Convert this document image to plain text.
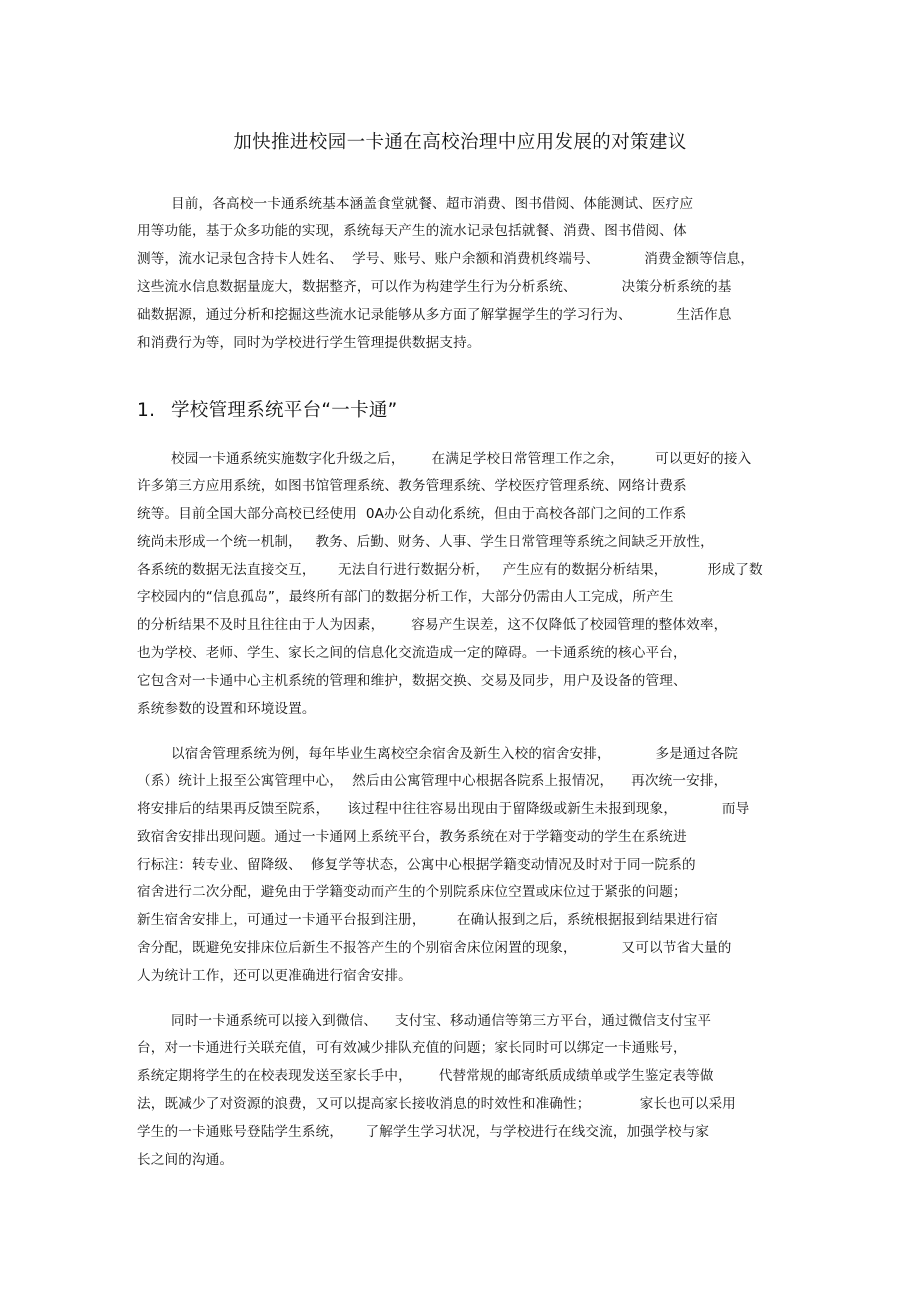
加快推进校园一卡通在高校治理中应用发展的对策建议
目前，各高校一卡通系统基本涵盖食堂就餐、超市消费、图书借阅、体能测试、医疗应
用等功能，基于众多功能的实现，系统每天产生的流水记录包括就餐、消费、图书借阅、体
测等，流水记录包含持卡人姓名、  学号、账号、账户余额和消费机终端号、          消费金额等信息，
这些流水信息数据量庞大，数据整齐，可以作为构建学生行为分析系统、          决策分析系统的基
础数据源，通过分析和挖掘这些流水记录能够从多方面了解掌握学生的学习行为、          生活作息
和消费行为等，同时为学校进行学生管理提供数据支持。
1. 学校管理系统平台“一卡通”
校园一卡通系统实施数字化升级之后，      在满足学校日常管理工作之余，       可以更好的接入
许多第三方应用系统，如图书馆管理系统、教务管理系统、学校医疗管理系统、网络计费系
统等。目前全国大部分高校已经使用  0A办公自动化系统，但由于高校各部门之间的工作系
统尚未形成一个统一机制，   教务、后勤、财务、人事、学生日常管理等系统之间缺乏开放性，
各系统的数据无法直接交互，     无法自行进行数据分析，   产生应有的数据分析结果，         形成了数
字校园内的“信息孤岛”，最终所有部门的数据分析工作，大部分仍需由人工完成，所产生
的分析结果不及时且往往由于人为因素，      容易产生误差，这不仅降低了校园管理的整体效率，
也为学校、老师、学生、家长之间的信息化交流造成一定的障碍。一卡通系统的核心平台，
它包含对一卡通中心主机系统的管理和维护，数据交换、交易及同步，用户及设备的管理、
系统参数的设置和环境设置。
以宿舍管理系统为例，每年毕业生离校空余宿舍及新生入校的宿舍安排，          多是通过各院
（系）统计上报至公寓管理中心，  然后由公寓管理中心根据各院系上报情况，    再次统一安排，
将安排后的结果再反馈至院系，    该过程中往往容易出现由于留降级或新生未报到现象，          而导
致宿舍安排出现问题。通过一卡通网上系统平台，教务系统在对于学籍变动的学生在系统进
行标注：转专业、留降级、  修复学等状态，公寓中心根据学籍变动情况及时对于同一院系的
宿舍进行二次分配，避免由于学籍变动而产生的个别院系床位空置或床位过于紧张的问题；
新生宿舍安排上，可通过一卡通平台报到注册，       在确认报到之后，系统根据报到结果进行宿
舍分配，既避免安排床位后新生不报答产生的个别宿舍床位闲置的现象，          又可以节省大量的
人为统计工作，还可以更准确进行宿舍安排。
同时一卡通系统可以接入到微信、    支付宝、移动通信等第三方平台，通过微信支付宝平
台，对一卡通进行关联充值，可有效减少排队充值的问题；家长同时可以绑定一卡通账号，
系统定期将学生的在校表现发送至家长手中，      代替常规的邮寄纸质成绩单或学生鉴定表等做
法，既减少了对资源的浪费，又可以提高家长接收消息的时效性和准确性；           家长也可以采用
学生的一卡通账号登陆学生系统，     了解学生学习状况，与学校进行在线交流，加强学校与家
长之间的沟通。
